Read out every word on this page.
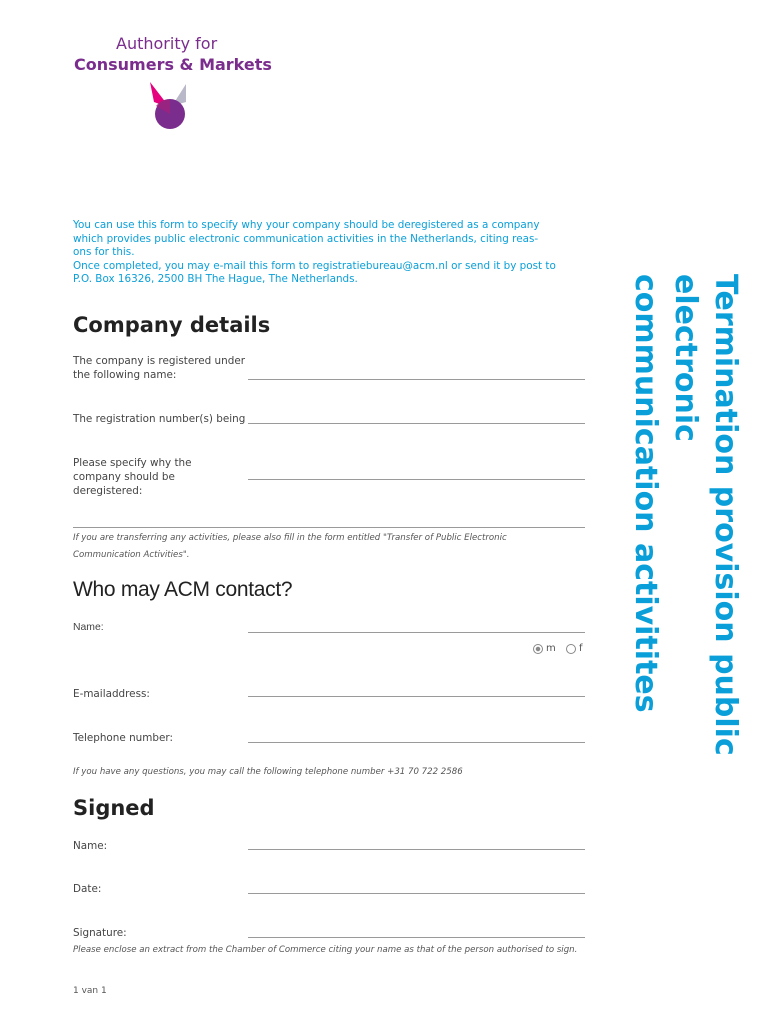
Authority for
Consumers & Markets

You can use this form to specify why your company should be deregistered as a company

which provides public electronic communication activities in the Netherlands, citing reas-

ons for this.

Once completed, you may e-mail this form to registratiebureau@acm.nl or send it by post to

P.O. Box 16326, 2500 BH The Hague, The Netherlands.

Company details
The company is registered under
the following name:
The registration number(s) being
Please specify why the
company should be
deregistered:
If you are transferring any activities, please also fill in the form entitled "Transfer of Public Electronic
Communication Activities".
Who may ACM contact?
Name:
m f
E-mailaddress:
Telephone number:
If you have any questions, you may call the following telephone number +31 70 722 2586
Signed
Name:
Date:
Signature:
Please enclose an extract from the Chamber of Commerce citing your name as that of the person authorised to sign.
Termination provision public electronic
communication activitites
1 van 1
